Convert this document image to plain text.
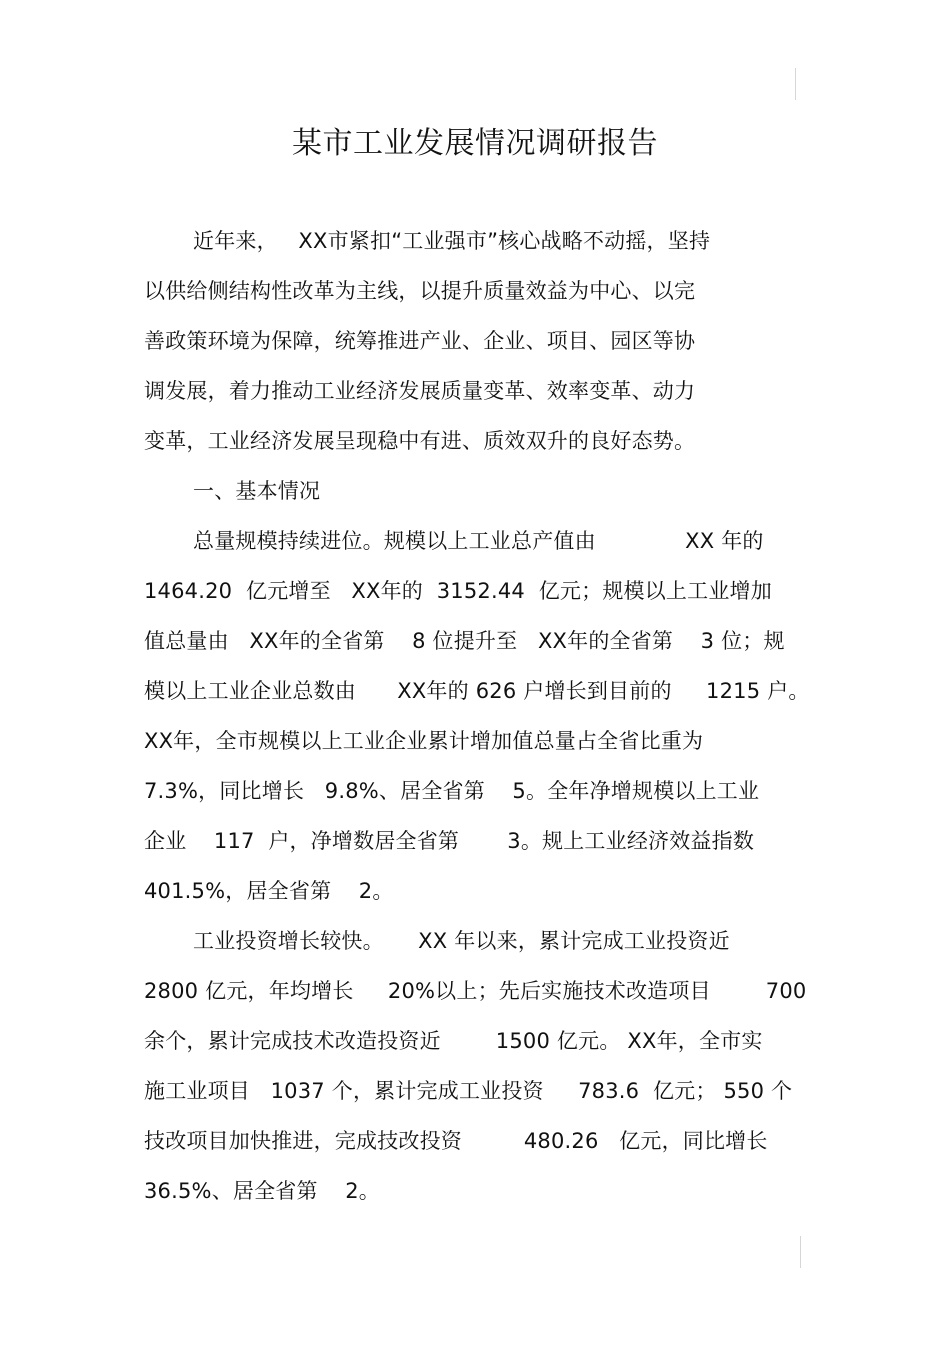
某市工业发展情况调研报告
近年来，   XX市紧扣“工业强市”核心战略不动摇，坚持
以供给侧结构性改革为主线，以提升质量效益为中心、以完
善政策环境为保障，统筹推进产业、企业、项目、园区等协
调发展，着力推动工业经济发展质量变革、效率变革、动力
变革，工业经济发展呈现稳中有进、质效双升的良好态势。
一、基本情况
总量规模持续进位。规模以上工业总产值由             XX 年的
1464.20  亿元增至   XX年的  3152.44  亿元；规模以上工业增加
值总量由   XX年的全省第    8 位提升至   XX年的全省第    3 位；规
模以上工业企业总数由      XX年的 626 户增长到目前的     1215 户。
XX年，全市规模以上工业企业累计增加值总量占全省比重为
7.3%，同比增长   9.8%、居全省第    5。全年净增规模以上工业
企业    117  户，净增数居全省第       3。规上工业经济效益指数
401.5%，居全省第    2。
工业投资增长较快。     XX 年以来，累计完成工业投资近
2800 亿元，年均增长     20%以上；先后实施技术改造项目        700
余个，累计完成技术改造投资近        1500 亿元。 XX年，全市实
施工业项目   1037 个，累计完成工业投资     783.6  亿元； 550 个
技改项目加快推进，完成技改投资         480.26   亿元，同比增长
36.5%、居全省第    2。
